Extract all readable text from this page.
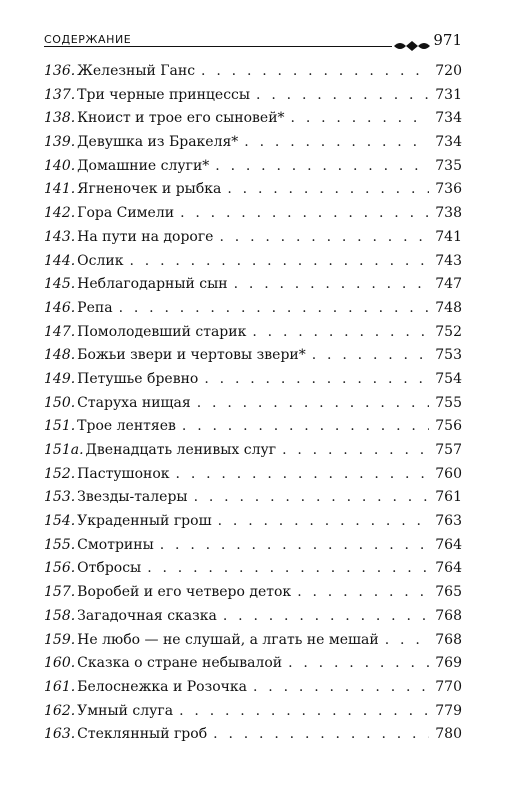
СОДЕРЖАНИЕ	971
136. Железный Ганс . . .	720
137. Три черные принцессы . . .	731
138. Кноист и трое его сыновей* . . .	734
139. Девушка из Бракеля* . . .	734
140. Домашние слуги* . . .	735
141. Ягненочек и рыбка . . .	736
142. Гора Симели . . .	738
143. На пути на дороге . . .	741
144. Ослик . . .	743
145. Неблагодарный сын . . .	747
146. Репа . . .	748
147. Помолодевший старик . . .	752
148. Божьи звери и чертовы звери* . . .	753
149. Петушье бревно . . .	754
150. Старуха нищая . . .	755
151. Трое лентяев . . .	756
151а. Двенадцать ленивых слуг . . .	757
152. Пастушонок . . .	760
153. Звезды-талеры . . .	761
154. Украденный грош . . .	763
155. Смотрины . . .	764
156. Отбросы . . .	764
157. Воробей и его четверо деток . . .	765
158. Загадочная сказка . . .	768
159. Не любо — не слушай, а лгать не мешай . . .	768
160. Сказка о стране небывалой . . .	769
161. Белоснежка и Розочка . . .	770
162. Умный слуга . . .	779
163. Стеклянный гроб . . .	780
